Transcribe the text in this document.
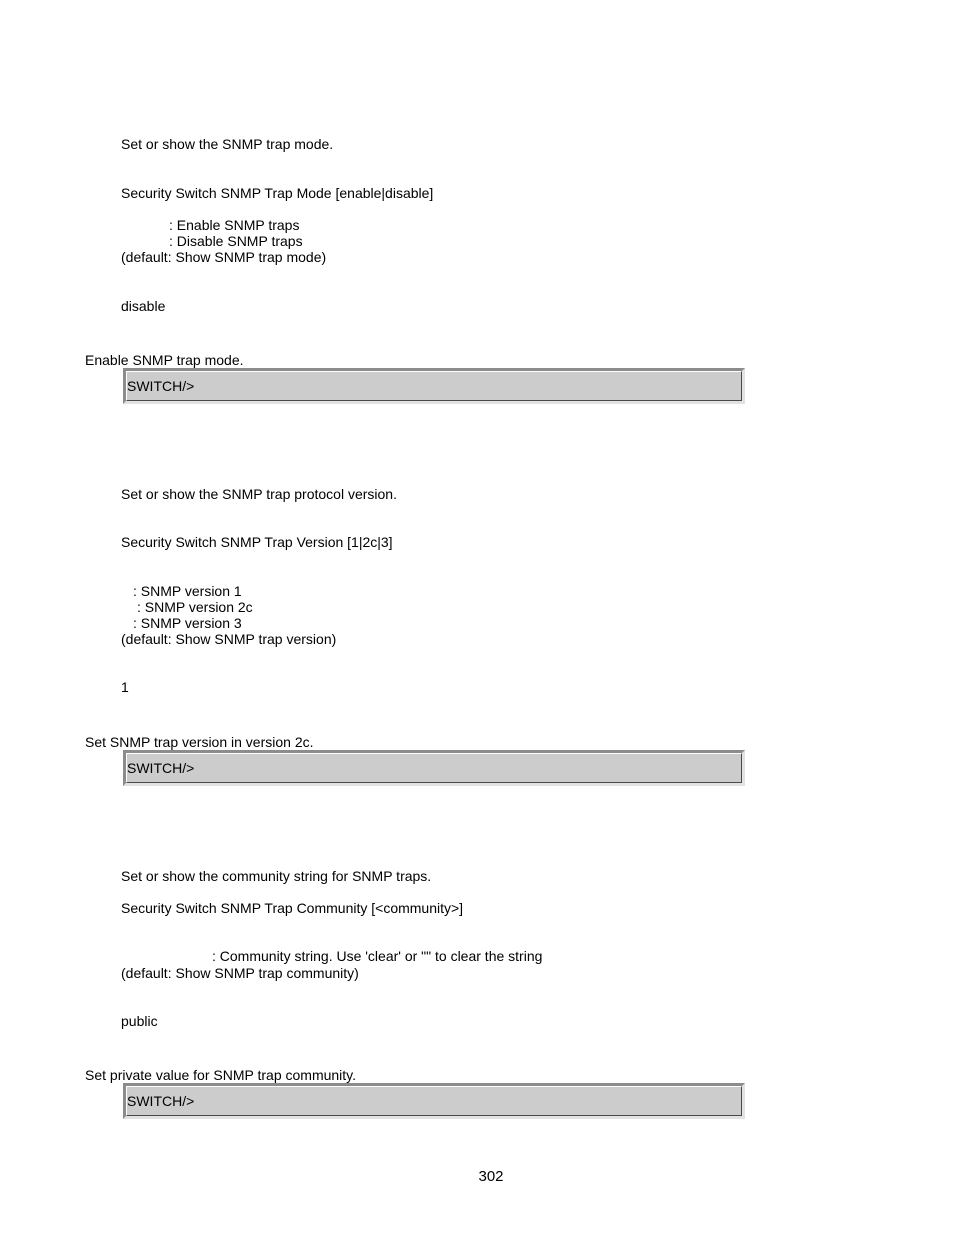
Set or show the SNMP trap mode.
Security Switch SNMP Trap Mode [enable|disable]
: Enable SNMP traps
: Disable SNMP traps
(default: Show SNMP trap mode)
disable
Enable SNMP trap mode.
SWITCH/>
Set or show the SNMP trap protocol version.
Security Switch SNMP Trap Version [1|2c|3]
: SNMP version 1
: SNMP version 2c
: SNMP version 3
(default: Show SNMP trap version)
1
Set SNMP trap version in version 2c.
SWITCH/>
Set or show the community string for SNMP traps.
Security Switch SNMP Trap Community [<community>]
: Community string. Use 'clear' or "" to clear the string
(default: Show SNMP trap community)
public
Set private value for SNMP trap community.
SWITCH/>
302
